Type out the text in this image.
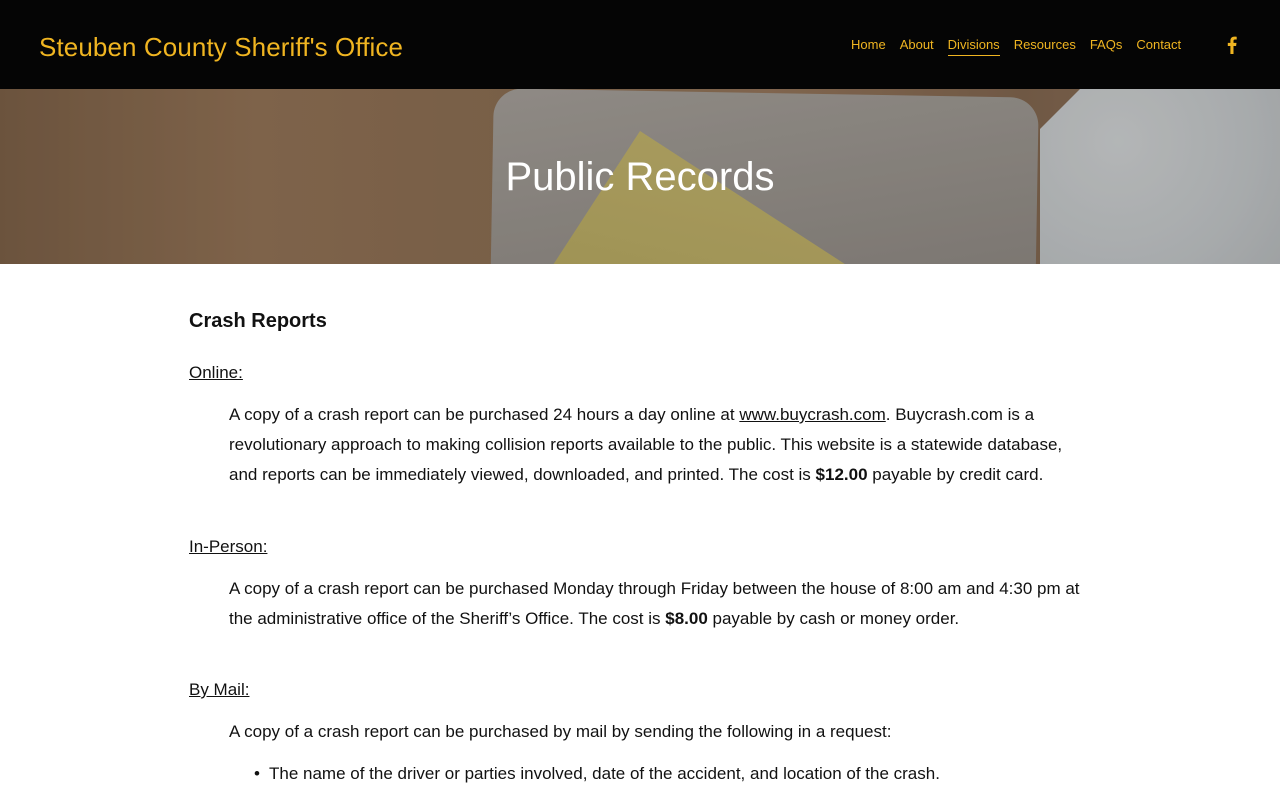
Steuben County Sheriff's Office	Home About Divisions Resources FAQs Contact
Public Records
Crash Reports
Online:

A copy of a crash report can be purchased 24 hours a day online at www.buycrash.com. Buycrash.com is a revolutionary approach to making collision reports available to the public. This website is a statewide database, and reports can be immediately viewed, downloaded, and printed. The cost is $12.00 payable by credit card.

In-Person:

A copy of a crash report can be purchased Monday through Friday between the house of 8:00 am and 4:30 pm at the administrative office of the Sheriff’s Office. The cost is $8.00 payable by cash or money order.

By Mail:

A copy of a crash report can be purchased by mail by sending the following in a request:

• The name of the driver or parties involved, date of the accident, and location of the crash.
